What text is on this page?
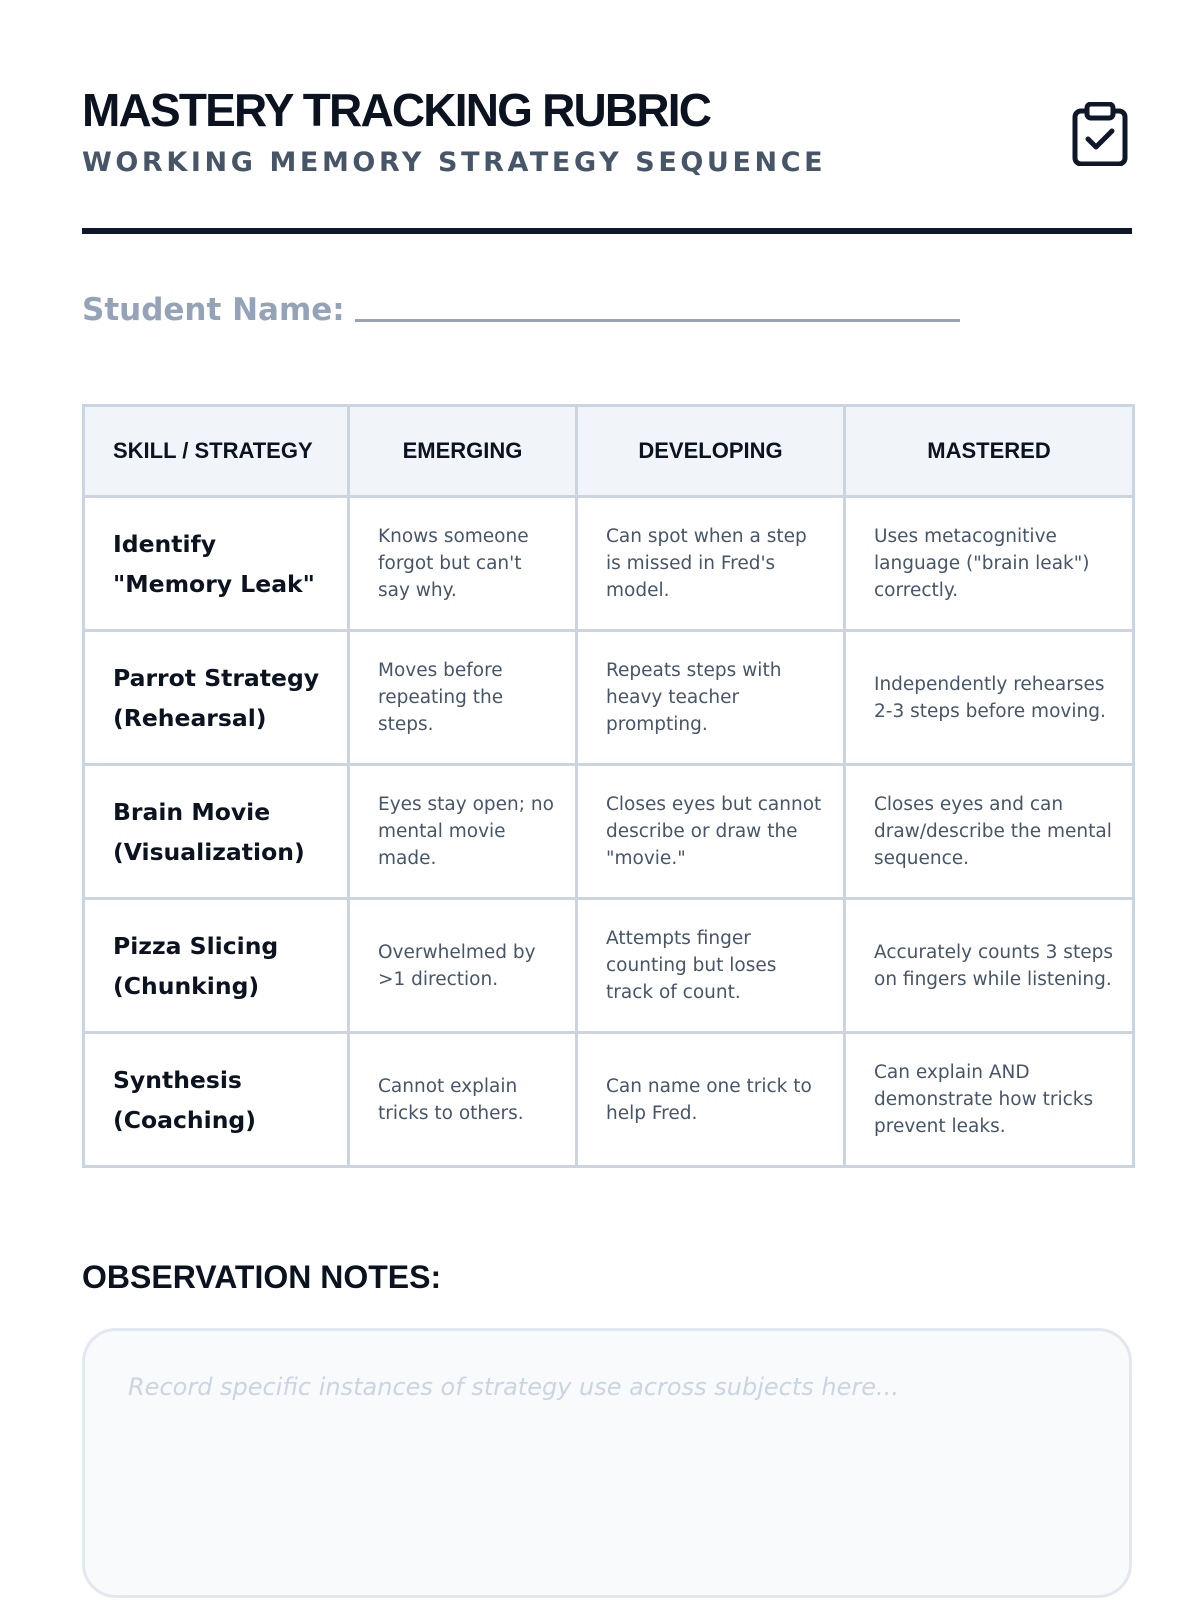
MASTERY TRACKING RUBRIC
WORKING MEMORY STRATEGY SEQUENCE
Student Name:
SKILL / STRATEGY	EMERGING	DEVELOPING	MASTERED
Identify "Memory Leak"	Knows someone forgot but can't say why.	Can spot when a step is missed in Fred's model.	Uses metacognitive language ("brain leak") correctly.
Parrot Strategy (Rehearsal)	Moves before repeating the steps.	Repeats steps with heavy teacher prompting.	Independently rehearses 2-3 steps before moving.
Brain Movie (Visualization)	Eyes stay open; no mental movie made.	Closes eyes but cannot describe or draw the "movie."	Closes eyes and can draw/describe the mental sequence.
Pizza Slicing (Chunking)	Overwhelmed by >1 direction.	Attempts finger counting but loses track of count.	Accurately counts 3 steps on fingers while listening.
Synthesis (Coaching)	Cannot explain tricks to others.	Can name one trick to help Fred.	Can explain AND demonstrate how tricks prevent leaks.
OBSERVATION NOTES:
Record specific instances of strategy use across subjects here...
